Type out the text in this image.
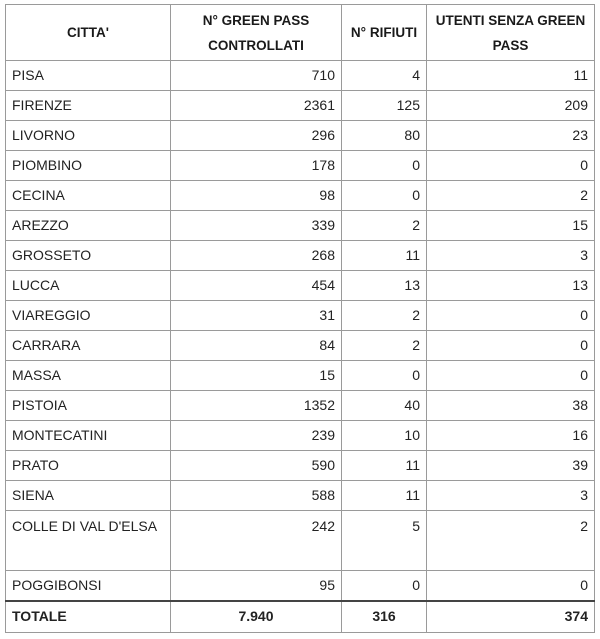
CITTA'	N° GREEN PASS CONTROLLATI	N° RIFIUTI	UTENTI SENZA GREEN PASS
PISA	710	4	11
FIRENZE	2361	125	209
LIVORNO	296	80	23
PIOMBINO	178	0	0
CECINA	98	0	2
AREZZO	339	2	15
GROSSETO	268	11	3
LUCCA	454	13	13
VIAREGGIO	31	2	0
CARRARA	84	2	0
MASSA	15	0	0
PISTOIA	1352	40	38
MONTECATINI	239	10	16
PRATO	590	11	39
SIENA	588	11	3
COLLE DI VAL D'ELSA	242	5	2
POGGIBONSI	95	0	0
TOTALE	7.940	316	374
